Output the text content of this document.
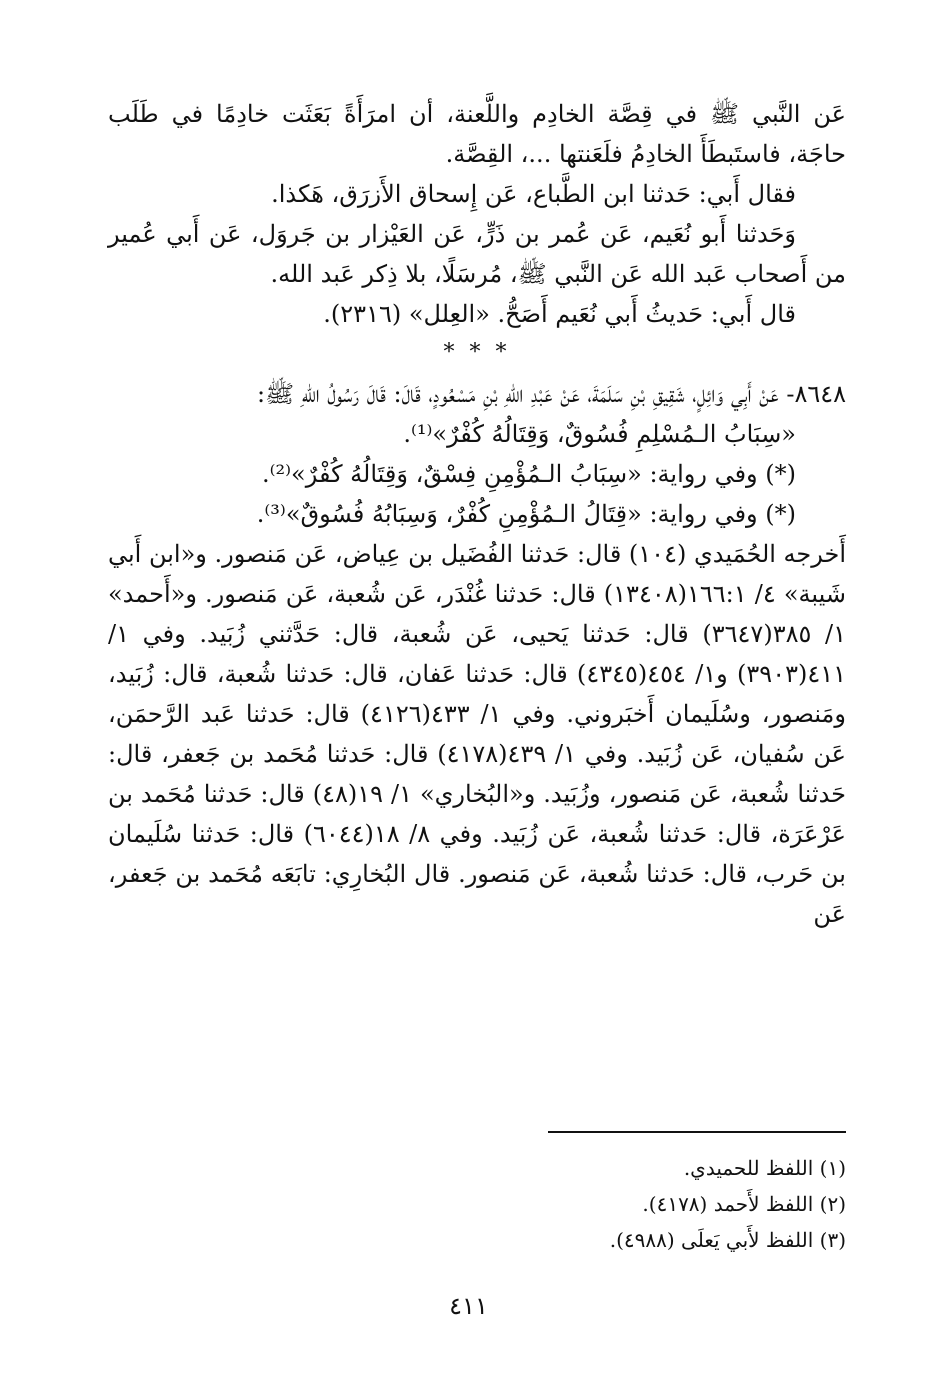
عَن النَّبي ﷺ في قِصَّة الخادِم واللَّعنة، أن امرَأَةً بَعَثَت خادِمًا في طَلَب حاجَة، فاستَبطَأَ الخادِمُ فلَعَنتها ...، القِصَّة.

فقال أَبي: حَدثنا ابن الطَّباع، عَن إِسحاق الأَزرَق، هَكذا.

وَحَدثنا أَبو نُعَيم، عَن عُمر بن ذَرٍّ، عَن العَيْزار بن جَروَل، عَن أَبي عُمير من أَصحاب عَبد الله عَن النَّبي ﷺ، مُرسَلًا، بلا ذِكر عَبد الله.

قال أَبي: حَديثُ أَبي نُعَيم أَصَحُّ. «العِلل» (٢٣١٦).

* * *

٨٦٤٨- عَنْ أَبِي وَائِلٍ، شَقِيقِ بْنِ سَلَمَةَ، عَنْ عَبْدِ اللهِ بْنِ مَسْعُودٍ، قَالَ: قَالَ رَسُولُ اللهِ ﷺ:

«سِبَابُ الـمُسْلِمِ فُسُوقٌ، وَقِتَالُهُ كُفْرٌ»⁽¹⁾.

(*) وفي رواية: «سِبَابُ الـمُؤْمِنِ فِسْقٌ، وَقِتَالُهُ كُفْرٌ»⁽²⁾.

(*) وفي رواية: «قِتَالُ الـمُؤْمِنِ كُفْرٌ، وَسِبَابُهُ فُسُوقٌ»⁽³⁾.

أَخرجه الحُمَيدي (١٠٤) قال: حَدثنا الفُضَيل بن عِياض، عَن مَنصور. و«ابن أَبي شَيبة» ٤/ ١٦٦:١(١٣٤٠٨) قال: حَدثنا غُنْدَر، عَن شُعبة، عَن مَنصور. و«أَحمد» ١/ ٣٨٥(٣٦٤٧) قال: حَدثنا يَحيى، عَن شُعبة، قال: حَدَّثني زُبَيد. وفي ١/ ٤١١(٣٩٠٣) و١/ ٤٥٤(٤٣٤٥) قال: حَدثنا عَفان، قال: حَدثنا شُعبة، قال: زُبَيد، ومَنصور، وسُلَيمان أَخبَروني. وفي ١/ ٤٣٣(٤١٢٦) قال: حَدثنا عَبد الرَّحمَن، عَن سُفيان، عَن زُبَيد. وفي ١/ ٤٣٩(٤١٧٨) قال: حَدثنا مُحَمد بن جَعفر، قال: حَدثنا شُعبة، عَن مَنصور، وزُبَيد. و«البُخاري» ١/ ١٩(٤٨) قال: حَدثنا مُحَمد بن عَرْعَرَة، قال: حَدثنا شُعبة، عَن زُبَيد. وفي ٨/ ١٨(٦٠٤٤) قال: حَدثنا سُلَيمان بن حَرب، قال: حَدثنا شُعبة، عَن مَنصور. قال البُخارِي: تابَعَه مُحَمد بن جَعفر، عَن

(١) اللفظ للحميدي.

(٢) اللفظ لأَحمد (٤١٧٨).

(٣) اللفظ لأَبي يَعلَى (٤٩٨٨).

٤١١
